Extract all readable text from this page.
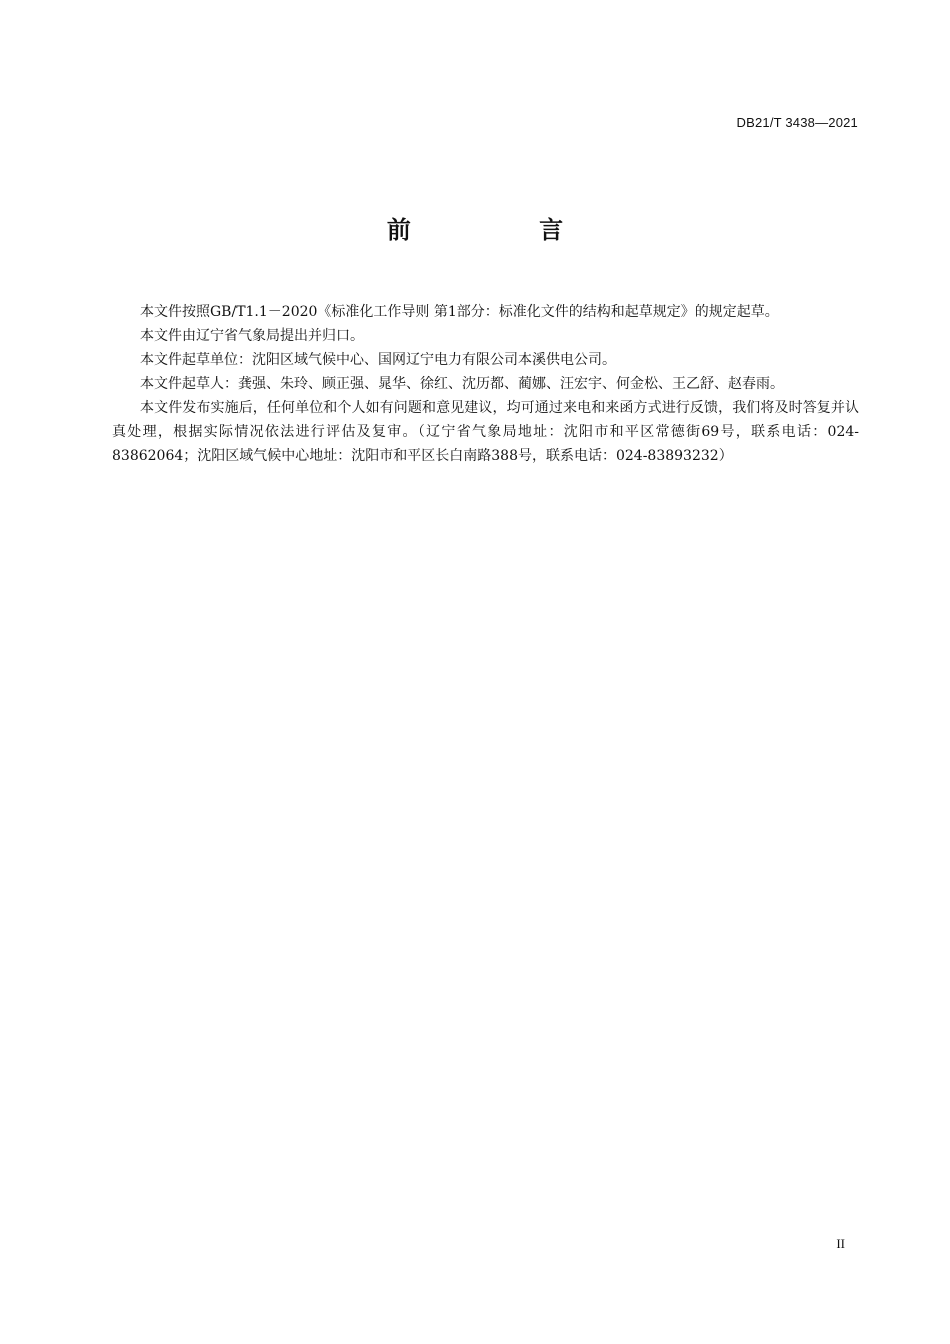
DB21/T 3438—2021
前 言

本文件按照GB/T1.1－2020《标准化工作导则 第1部分：标准化文件的结构和起草规定》的规定起草。

本文件由辽宁省气象局提出并归口。

本文件起草单位：沈阳区域气候中心、国网辽宁电力有限公司本溪供电公司。

本文件起草人：龚强、朱玲、顾正强、晁华、徐红、沈历都、蔺娜、汪宏宇、何金松、王乙舒、赵春雨。

本文件发布实施后，任何单位和个人如有问题和意见建议，均可通过来电和来函方式进行反馈，我们将及时答复并认真处理，根据实际情况依法进行评估及复审。（辽宁省气象局地址：沈阳市和平区常德街69号，联系电话：024-83862064；沈阳区域气候中心地址：沈阳市和平区长白南路388号，联系电话：024-83893232）

II
